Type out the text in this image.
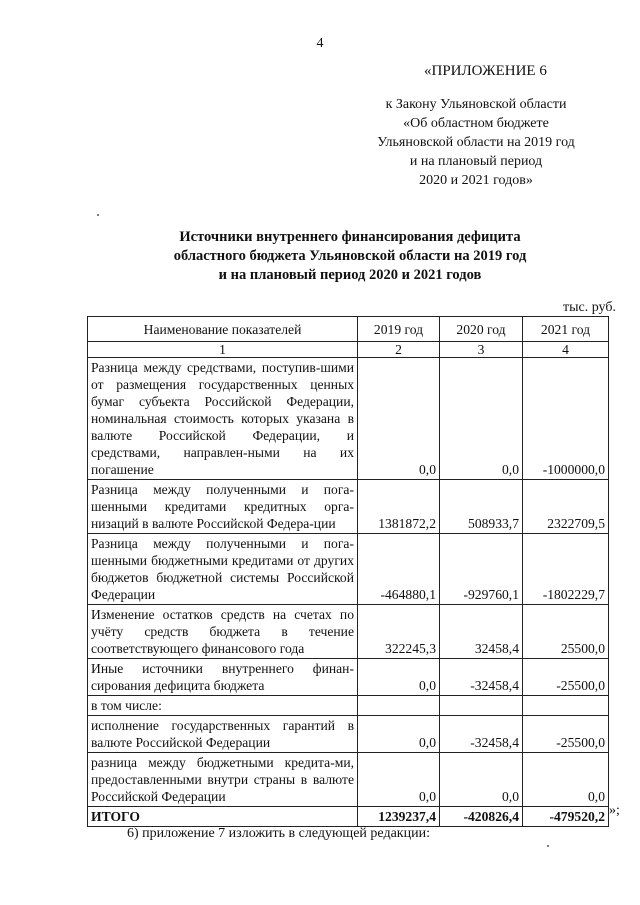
4
«ПРИЛОЖЕНИЕ 6
к Закону Ульяновской области
«Об областном бюджете
Ульяновской области на 2019 год
и на плановый период
2020 и 2021 годов»
Источники внутреннего финансирования дефицита
областного бюджета Ульяновской области на 2019 год
и на плановый период 2020 и 2021 годов
тыс. руб.
Наименование показателей	2019 год	2020 год	2021 год
1	2	3	4
Разница между средствами, поступив-шими от размещения государственных ценных бумаг субъекта Российской Федерации, номинальная стоимость которых указана в валюте Российской Федерации, и средствами, направлен-ными на их погашение	0,0	0,0	-1000000,0
Разница между полученными и пога-шенными кредитами кредитных орга-низаций в валюте Российской Федера-ции	1381872,2	508933,7	2322709,5
Разница между полученными и пога-шенными бюджетными кредитами от других бюджетов бюджетной системы Российской Федерации	-464880,1	-929760,1	-1802229,7
Изменение остатков средств на счетах по учёту средств бюджета в течение соответствующего финансового года	322245,3	32458,4	25500,0
Иные источники внутреннего финан-сирования дефицита бюджета	0,0	-32458,4	-25500,0
в том числе:			
исполнение государственных гарантий в валюте Российской Федерации	0,0	-32458,4	-25500,0
разница между бюджетными кредита-ми, предоставленными внутри страны в валюте Российской Федерации	0,0	0,0	0,0
ИТОГО	1239237,4	-420826,4	-479520,2 »;
6) приложение 7 изложить в следующей редакции:
